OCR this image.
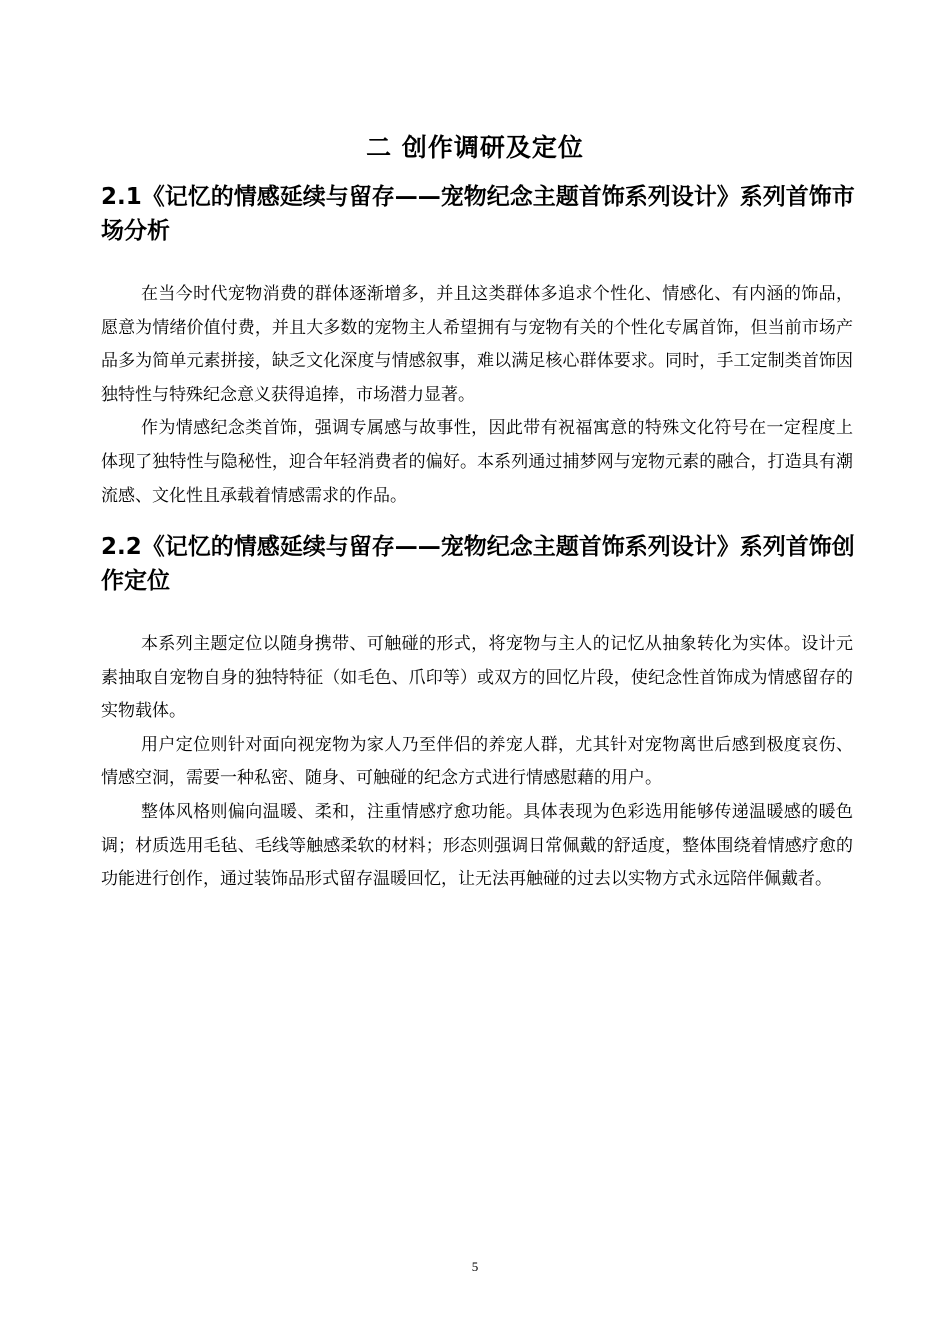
二 创作调研及定位
2.1《记忆的情感延续与留存——宠物纪念主题首饰系列设计》系列首饰市场分析

在当今时代宠物消费的群体逐渐增多，并且这类群体多追求个性化、情感化、有内涵的饰品，愿意为情绪价值付费，并且大多数的宠物主人希望拥有与宠物有关的个性化专属首饰，但当前市场产品多为简单元素拼接，缺乏文化深度与情感叙事，难以满足核心群体要求。同时，手工定制类首饰因独特性与特殊纪念意义获得追捧，市场潜力显著。

作为情感纪念类首饰，强调专属感与故事性，因此带有祝福寓意的特殊文化符号在一定程度上体现了独特性与隐秘性，迎合年轻消费者的偏好。本系列通过捕梦网与宠物元素的融合，打造具有潮流感、文化性且承载着情感需求的作品。

2.2《记忆的情感延续与留存——宠物纪念主题首饰系列设计》系列首饰创作定位

本系列主题定位以随身携带、可触碰的形式，将宠物与主人的记忆从抽象转化为实体。设计元素抽取自宠物自身的独特特征（如毛色、爪印等）或双方的回忆片段，使纪念性首饰成为情感留存的实物载体。

用户定位则针对面向视宠物为家人乃至伴侣的养宠人群，尤其针对宠物离世后感到极度哀伤、情感空洞，需要一种私密、随身、可触碰的纪念方式进行情感慰藉的用户。

整体风格则偏向温暖、柔和，注重情感疗愈功能。具体表现为色彩选用能够传递温暖感的暖色调；材质选用毛毡、毛线等触感柔软的材料；形态则强调日常佩戴的舒适度，整体围绕着情感疗愈的功能进行创作，通过装饰品形式留存温暖回忆，让无法再触碰的过去以实物方式永远陪伴佩戴者。

5
